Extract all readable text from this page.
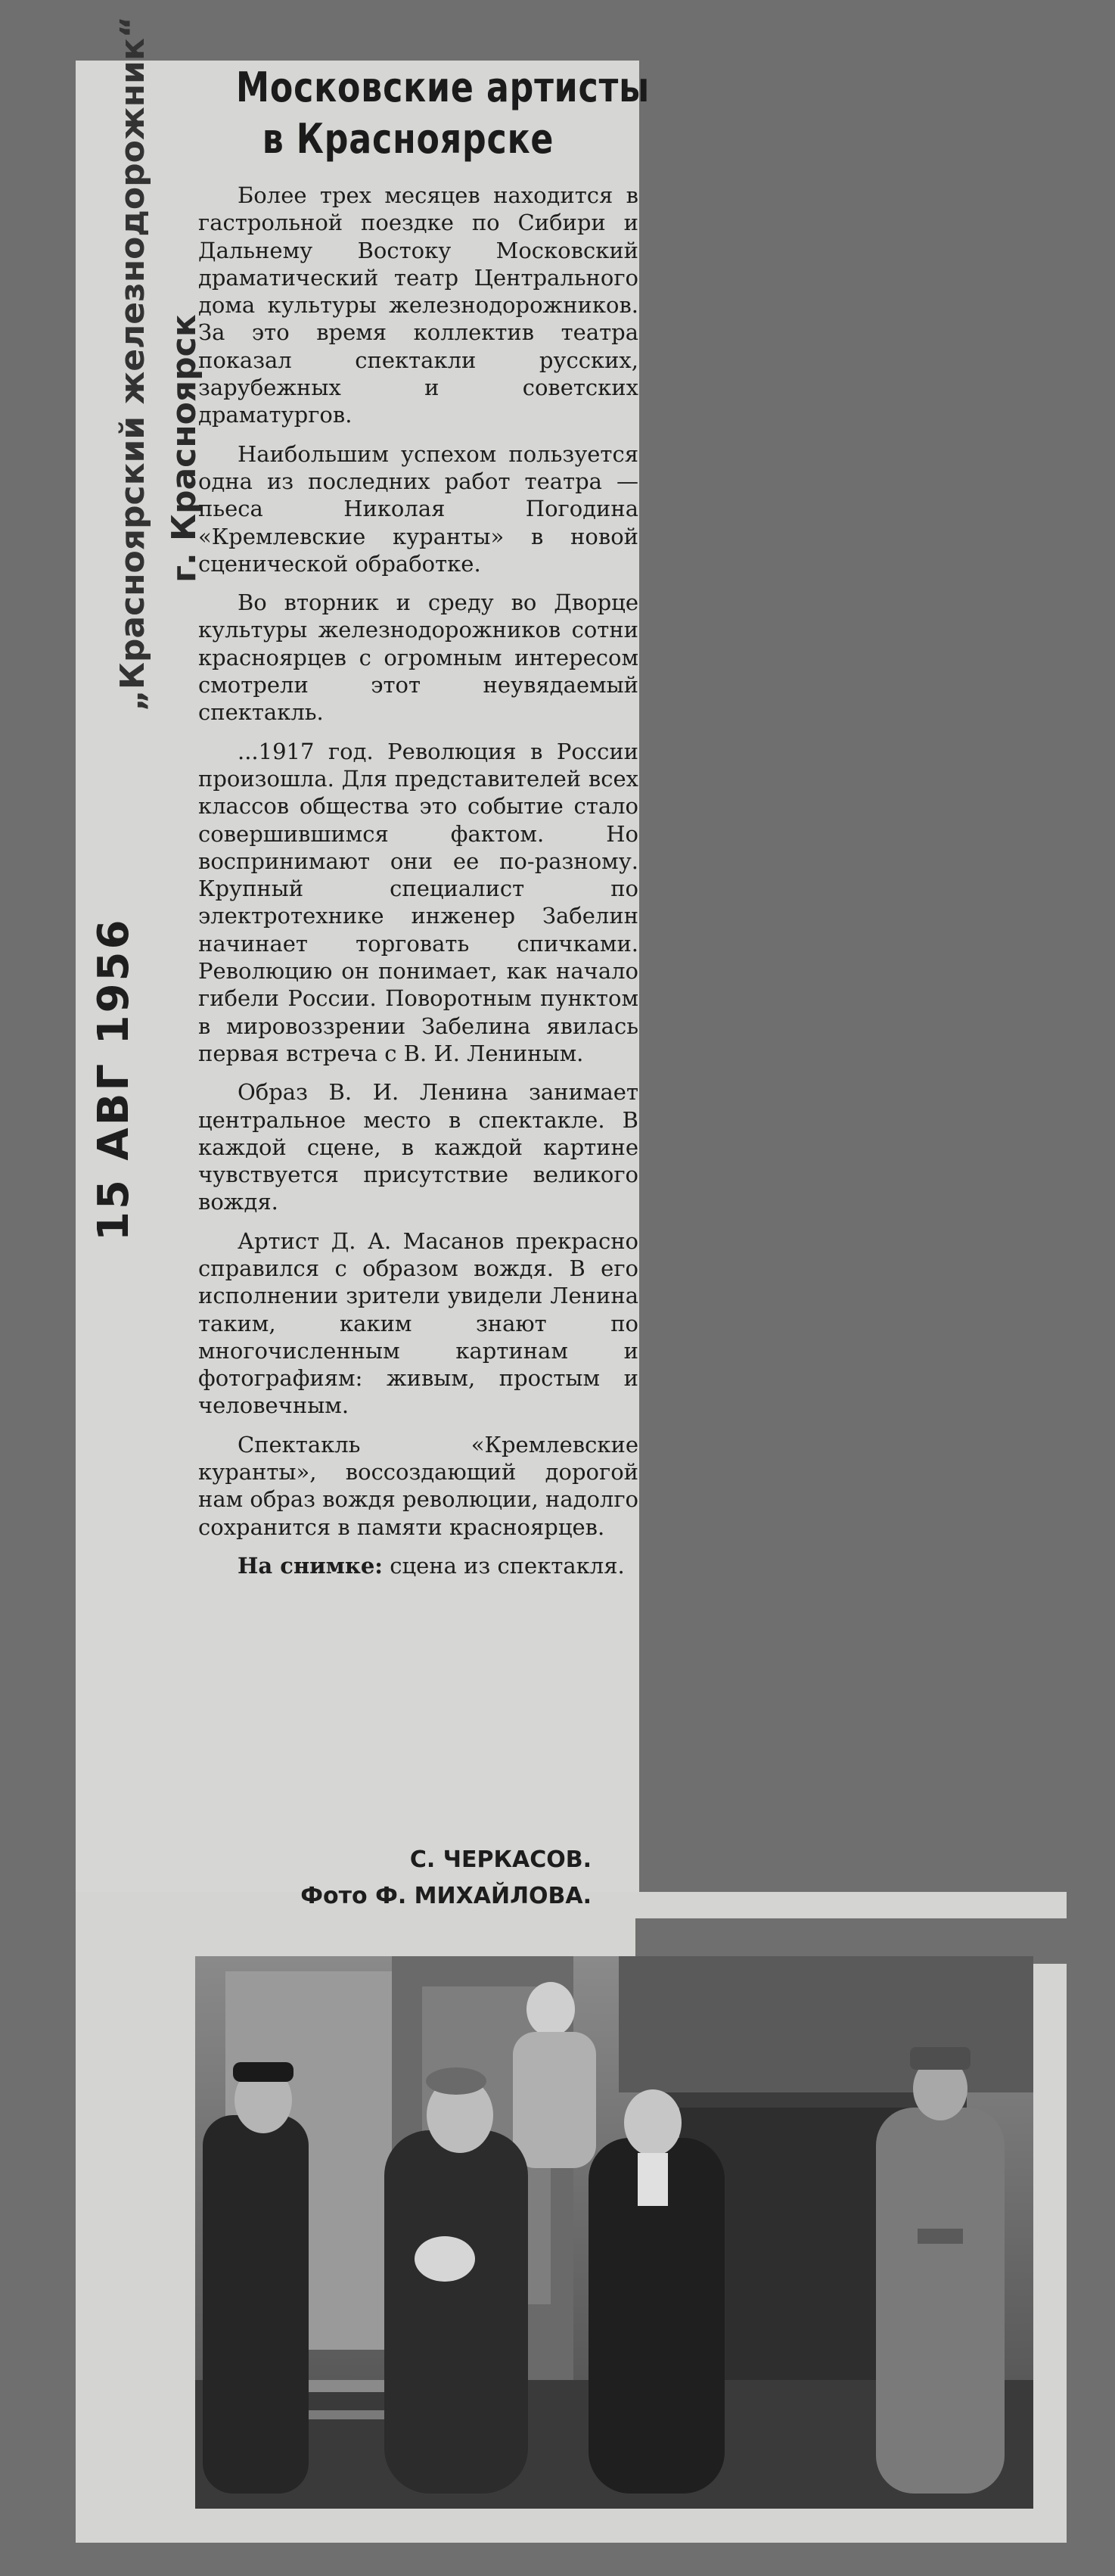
„Красноярский железнодорожник“ г. Красноярск
15 АВГ 1956
Московские артисты
в Красноярске

Более трех месяцев находится в гастрольной поездке по Сибири и Дальнему Востоку Московский драматический театр Центрального дома культуры железнодорожников. За это время коллектив театра показал спектакли русских, зарубежных и советских драматургов.

Наибольшим успехом пользуется одна из последних работ театра — пьеса Николая Погодина «Кремлевские куранты» в новой сценической обработке.

Во вторник и среду во Дворце культуры железнодорожников сотни красноярцев с огромным интересом смотрели этот неувядаемый спектакль.

...1917 год. Революция в России произошла. Для представителей всех классов общества это событие стало совершившимся фактом. Но воспринимают они ее по-разному. Крупный специалист по электротехнике инженер Забелин начинает торговать спичками. Революцию он понимает, как начало гибели России. Поворотным пунктом в мировоззрении Забелина явилась первая встреча с В. И. Лениным.

Образ В. И. Ленина занимает центральное место в спектакле. В каждой сцене, в каждой картине чувствуется присутствие великого вождя.

Артист Д. А. Масанов прекрасно справился с образом вождя. В его исполнении зрители увидели Ленина таким, каким знают по многочисленным картинам и фотографиям: живым, простым и человечным.

Спектакль «Кремлевские куранты», воссоздающий дорогой нам образ вождя революции, надолго сохранится в памяти красноярцев.

На снимке: сцена из спектакля.

С. ЧЕРКАСОВ.
Фото Ф. МИХАЙЛОВА.
